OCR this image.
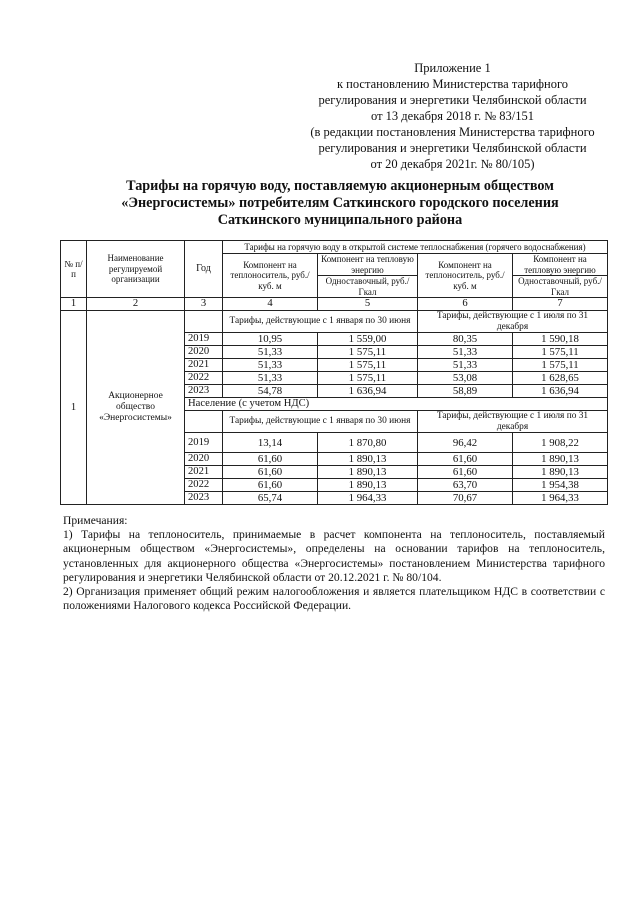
Приложение 1
к постановлению Министерства тарифного
регулирования и энергетики Челябинской области
от 13 декабря 2018 г. № 83/151
(в редакции постановления Министерства тарифного
регулирования и энергетики Челябинской области
от 20 декабря 2021г. № 80/105)
Тарифы на горячую воду, поставляемую акционерным обществом
«Энергосистемы» потребителям Саткинского городского поселения
Саткинского муниципального района
№ п/п	Наименование регулируемой организации	Год	Тарифы на горячую воду в открытой системе теплоснабжения (горячего водоснабжения)			
			Компонент на теплоноситель, руб./куб. м	Компонент на тепловую энергию	Компонент на теплоноситель, руб./куб. м	Компонент на тепловую энергию
				Одноставочный, руб./Гкал		Одноставочный, руб./Гкал
1	2	3	4	5	6	7
1	Акционерное общество «Энергосистемы»		Тарифы, действующие с 1 января по 30 июня		Тарифы, действующие с 1 июля по 31 декабря	

		2019	10,95	1 559,00	80,35	1 590,18
		2020	51,33	1 575,11	51,33	1 575,11
		2021	51,33	1 575,11	51,33	1 575,11
		2022	51,33	1 575,11	53,08	1 628,65
		2023	54,78	1 636,94	58,89	1 636,94
		Население (с учетом НДС)				
			Тарифы, действующие с 1 января по 30 июня		Тарифы, действующие с 1 июля по 31 декабря	

		2019	13,14	1 870,80	96,42	1 908,22
		2020	61,60	1 890,13	61,60	1 890,13
		2021	61,60	1 890,13	61,60	1 890,13
		2022	61,60	1 890,13	63,70	1 954,38
		2023	65,74	1 964,33	70,67	1 964,33

Примечания:

1) Тарифы на теплоноситель, принимаемые в расчет компонента на теплоноситель, поставляемый акционерным обществом «Энергосистемы», определены на основании тарифов на теплоноситель, установленных для акционерного общества «Энергосистемы» постановлением Министерства тарифного регулирования и энергетики Челябинской области от 20.12.2021 г. № 80/104.

2) Организация применяет общий режим налогообложения и является плательщиком НДС в соответствии с положениями Налогового кодекса Российской Федерации.
